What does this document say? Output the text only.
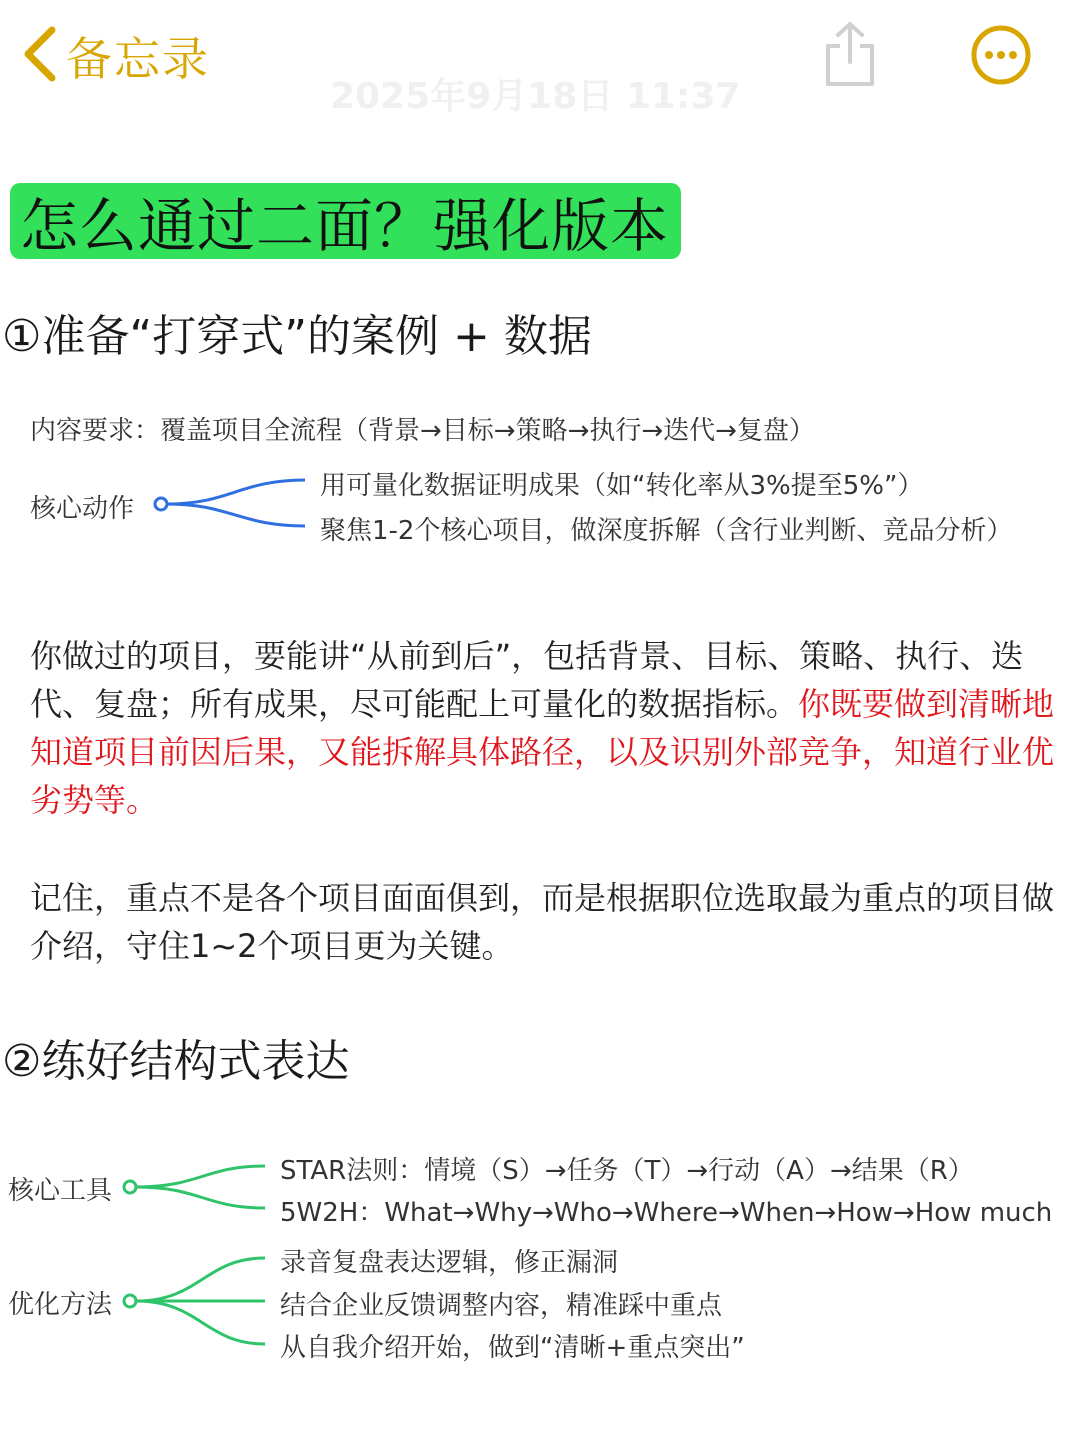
2025年9月18日 11:37
备忘录
怎么通过二面？强化版本
①准备“打穿式”的案例 + 数据
内容要求：覆盖项目全流程（背景→目标→策略→执行→迭代→复盘）
核心动作
用可量化数据证明成果（如“转化率从3%提至5%”）
聚焦1-2个核心项目，做深度拆解（含行业判断、竞品分析）
你做过的项目，要能讲“从前到后”，包括背景、目标、策略、执行、迭代、复盘；所有成果，尽可能配上可量化的数据指标。你既要做到清晰地知道项目前因后果，又能拆解具体路径，以及识别外部竞争，知道行业优劣势等。
记住，重点不是各个项目面面俱到，而是根据职位选取最为重点的项目做介绍，守住1~2个项目更为关键。
②练好结构式表达
核心工具
STAR法则：情境（S）→任务（T）→行动（A）→结果（R）
5W2H：What→Why→Who→Where→When→How→How much
优化方法
录音复盘表达逻辑，修正漏洞
结合企业反馈调整内容，精准踩中重点
从自我介绍开始，做到“清晰+重点突出”
